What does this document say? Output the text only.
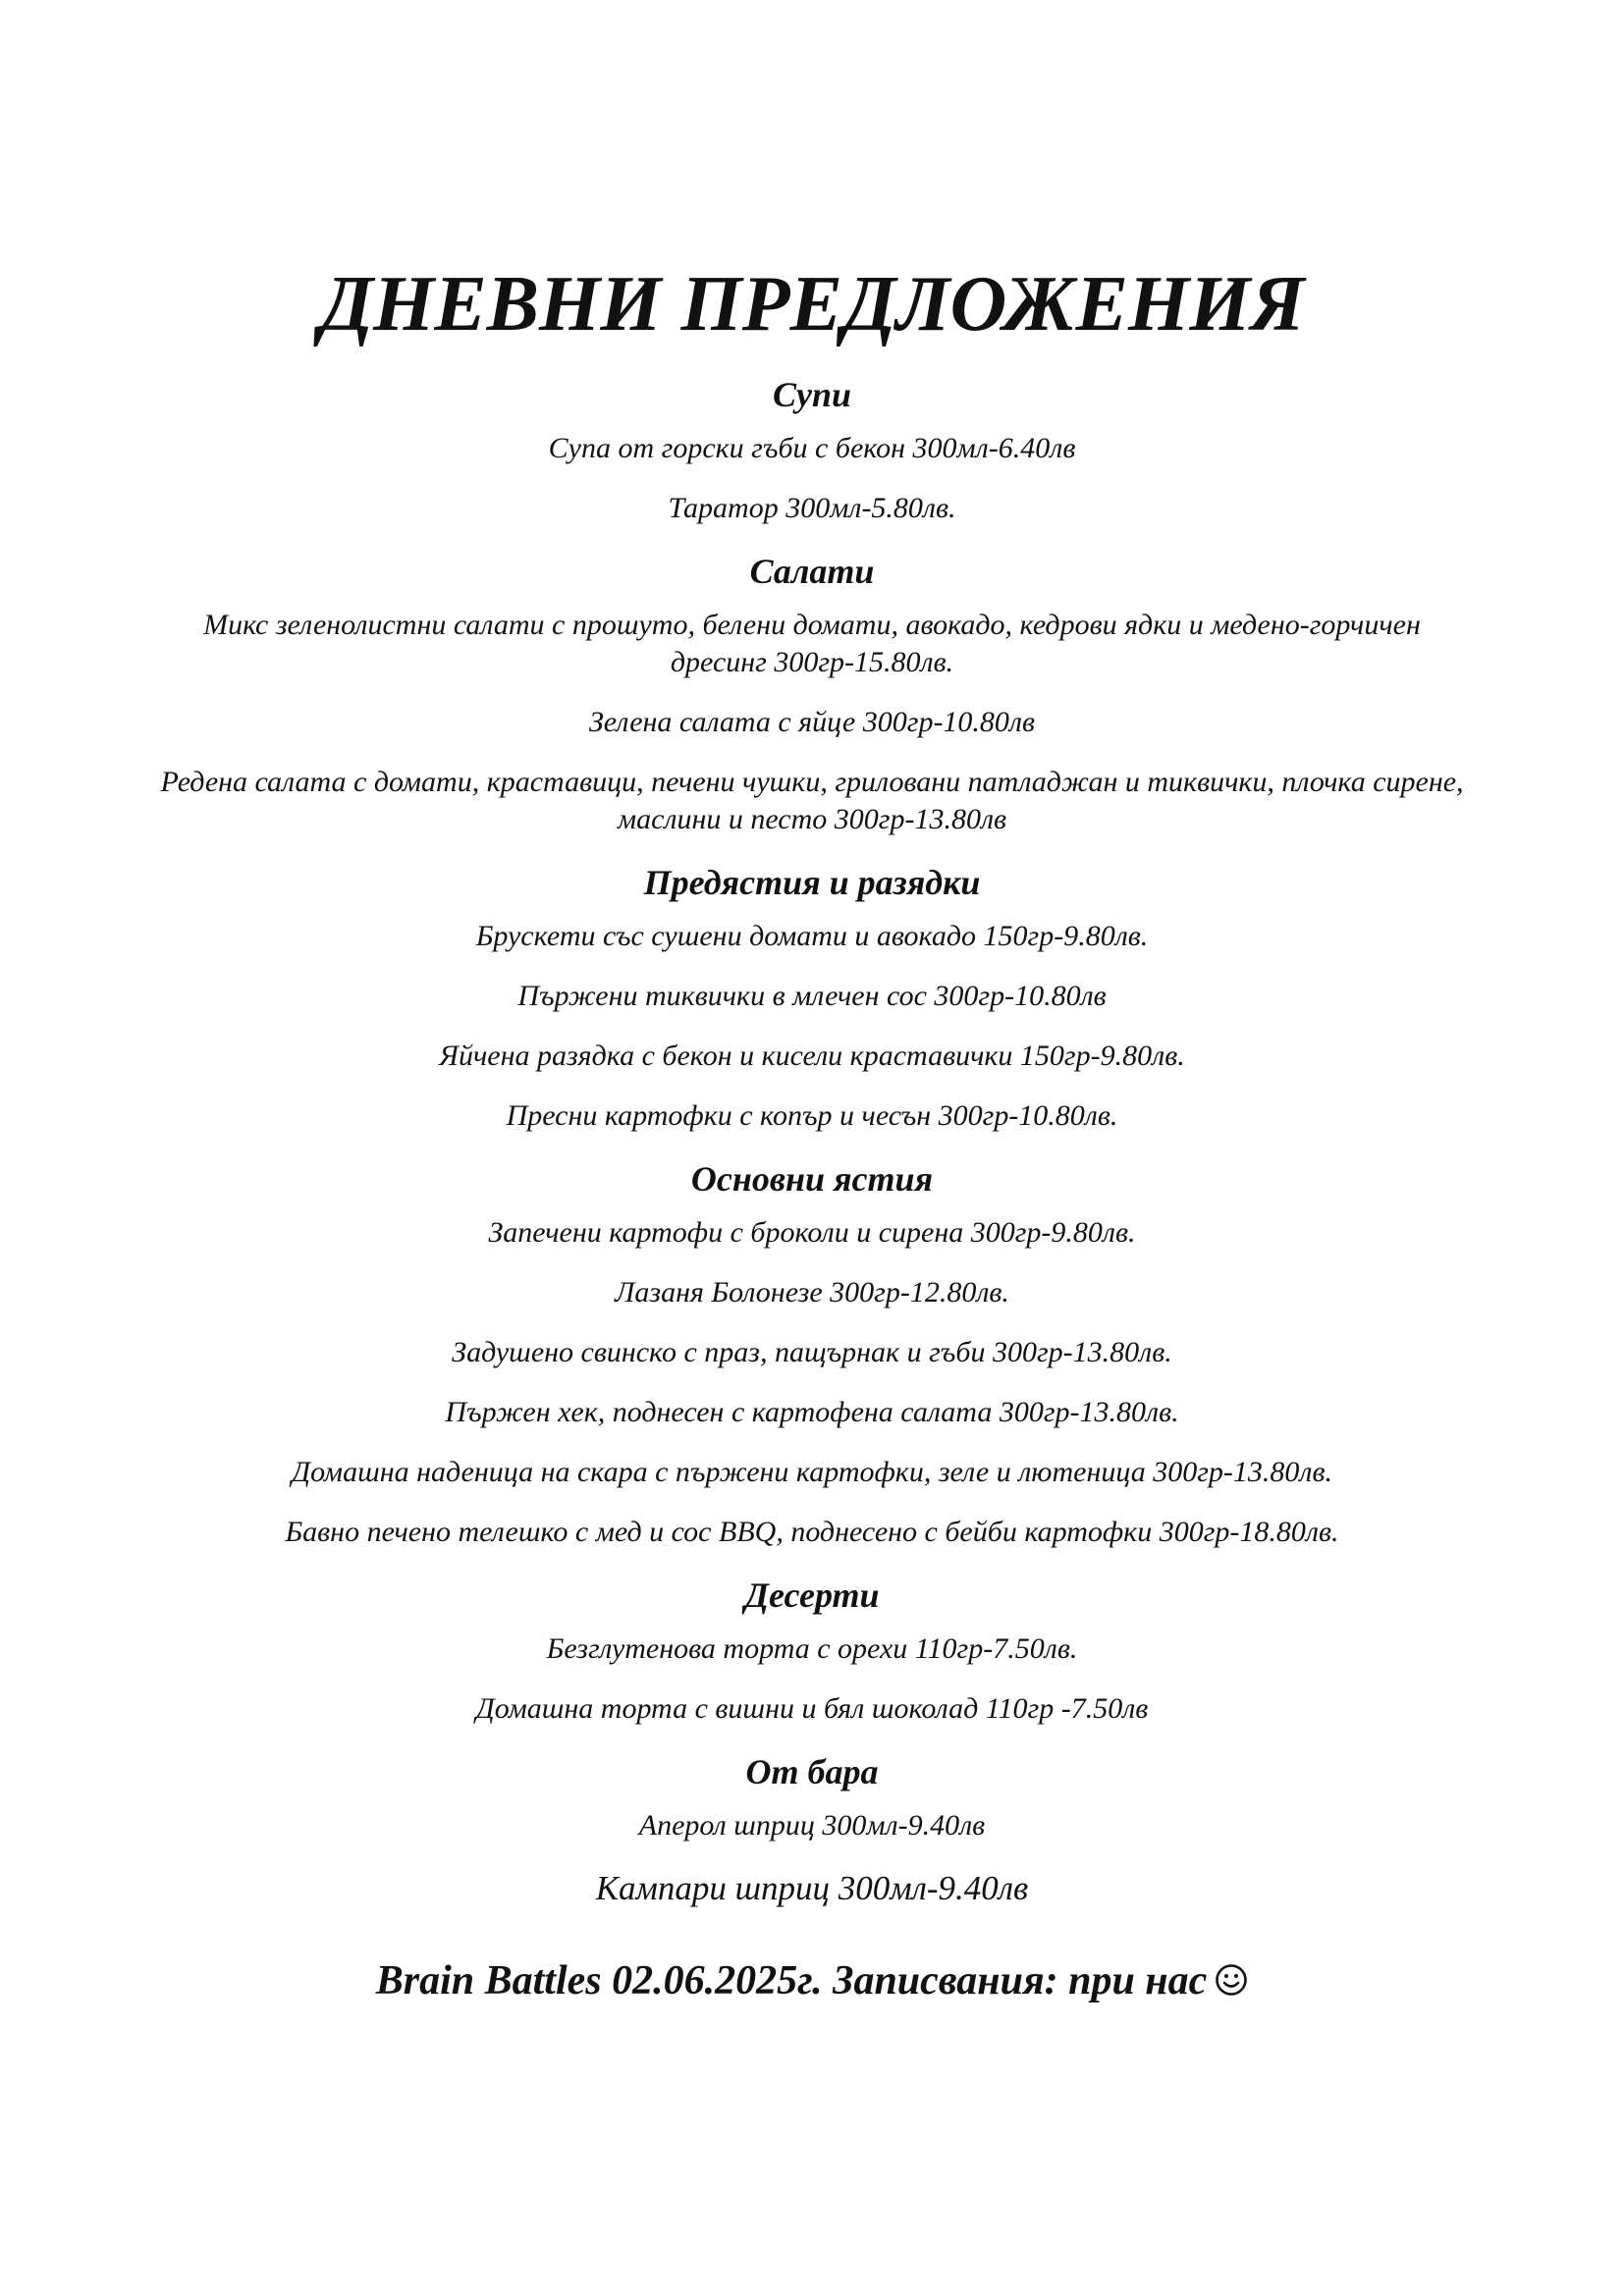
ДНЕВНИ ПРЕДЛОЖЕНИЯ
Супи

Супа от горски гъби с бекон 300мл-6.40лв

Таратор 300мл-5.80лв.

Салати

Микс зеленолистни салати с прошуто, белени домати, авокадо, кедрови ядки и медено-горчичен дресинг 300гр-15.80лв.

Зелена салата с яйце 300гр-10.80лв

Редена салата с домати, краставици, печени чушки, гриловани патладжан и тиквички, плочка сирене, маслини и песто 300гр-13.80лв

Предястия и разядки

Брускети със сушени домати и авокадо 150гр-9.80лв.

Пържени тиквички в млечен сос 300гр-10.80лв

Яйчена разядка с бекон и кисели краставички 150гр-9.80лв.

Пресни картофки с копър и чесън 300гр-10.80лв.

Основни ястия

Запечени картофи с броколи и сирена 300гр-9.80лв.

Лазаня Болонезе 300гр-12.80лв.

Задушено свинско с праз, пащърнак и гъби 300гр-13.80лв.

Пържен хек, поднесен с картофена салата 300гр-13.80лв.

Домашна наденица на скара с пържени картофки, зеле и лютеница 300гр-13.80лв.

Бавно печено телешко с мед и сос BBQ, поднесено с бейби картофки 300гр-18.80лв.

Десерти

Безглутенова торта с орехи 110гр-7.50лв.

Домашна торта с вишни и бял шоколад 110гр -7.50лв

От бара

Аперол шприц 300мл-9.40лв

Кампари шприц 300мл-9.40лв

Brain Battles 02.06.2025г. Записвания: при нас
